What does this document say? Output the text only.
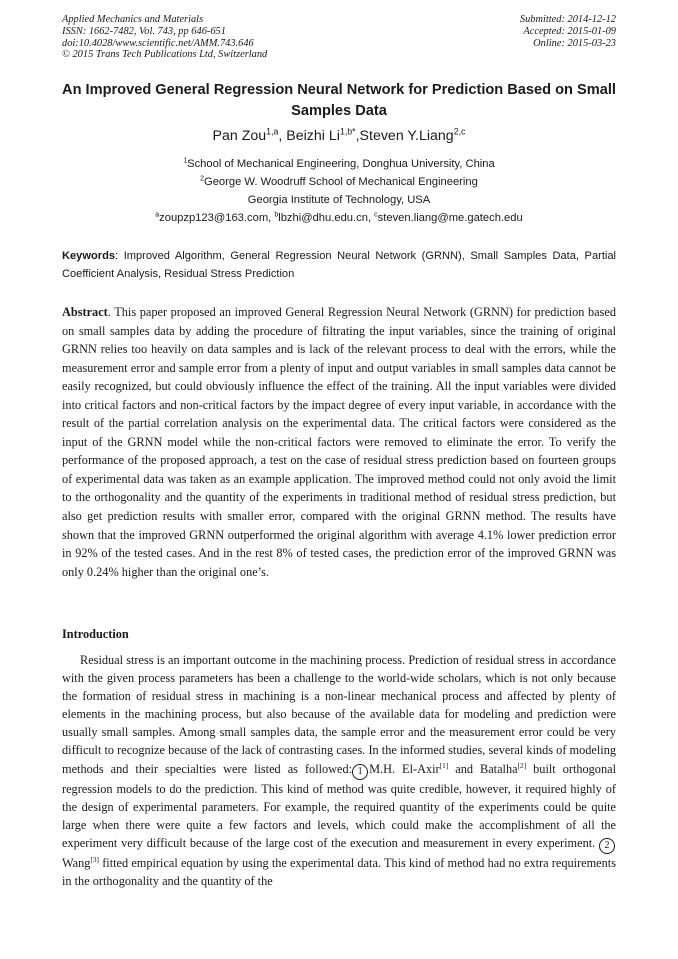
Applied Mechanics and Materials
ISSN: 1662-7482, Vol. 743, pp 646-651
doi:10.4028/www.scientific.net/AMM.743.646
© 2015 Trans Tech Publications Ltd, Switzerland
Submitted: 2014-12-12
Accepted: 2015-01-09
Online: 2015-03-23
An Improved General Regression Neural Network for Prediction Based on Small Samples Data
Pan Zou$^{1,a}$, Beizhi $Li^{1,b*},Steven$ Y.Liang$^{2,c}$
$^1$School of Mechanical Engineering, Donghua University, China
$^2$George W. Woodruff School of Mechanical Engineering
Georgia Institute of Technology, USA
$^a$zoupzp123@163.com, $^b$lbzhi@dhu.edu.cn, $^c$steven.liang@me.gatech.edu
Keywords: Improved Algorithm, General Regression Neural Network (GRNN), Small Samples Data, Partial Coefficient Analysis, Residual Stress Prediction
Abstract. This paper proposed an improved General Regression Neural Network (GRNN) for prediction based on small samples data by adding the procedure of filtrating the input variables, since the training of original GRNN relies too heavily on data samples and is lack of the relevant process to deal with the errors, while the measurement error and sample error from a plenty of input and output variables in small samples data cannot be easily recognized, but could obviously influence the effect of the training. All the input variables were divided into critical factors and non-critical factors by the impact degree of every input variable, in accordance with the result of the partial correlation analysis on the experimental data. The critical factors were considered as the input of the GRNN model while the non-critical factors were removed to eliminate the error. To verify the performance of the proposed approach, a test on the case of residual stress prediction based on fourteen groups of experimental data was taken as an example application. The improved method could not only avoid the limit to the orthogonality and the quantity of the experiments in traditional method of residual stress prediction, but also get prediction results with smaller error, compared with the original GRNN method. The results have shown that the improved GRNN outperformed the original algorithm with average 4.1% lower prediction error in 92% of the tested cases. And in the rest 8% of tested cases, the prediction error of the improved GRNN was only 0.24% higher than the original one’s.
Introduction
Residual stress is an important outcome in the machining process. Prediction of residual stress in accordance with the given process parameters has been a challenge to the world-wide scholars, which is not only because the formation of residual stress in machining is a non-linear mechanical process and affected by plenty of elements in the machining process, but also because of the available data for modeling and prediction were usually small samples. Among small samples data, the sample error and the measurement error could be very difficult to recognize because of the lack of contrasting cases. In the informed studies, several kinds of modeling methods and their specialties were listed as followed: 1 M.H. El-Axir[1] and Batalha[2] built orthogonal regression models to do the prediction. This kind of method was quite credible, however, it required highly of the design of experimental parameters. For example, the required quantity of the experiments could be quite large when there were quite a few factors and levels, which could make the accomplishment of all the experiment very difficult because of the large cost of the execution and measurement in every experiment. 2Wang[3] fitted empirical equation by using the experimental data. This kind of method had no extra requirements in the orthogonality and the quantity of the
